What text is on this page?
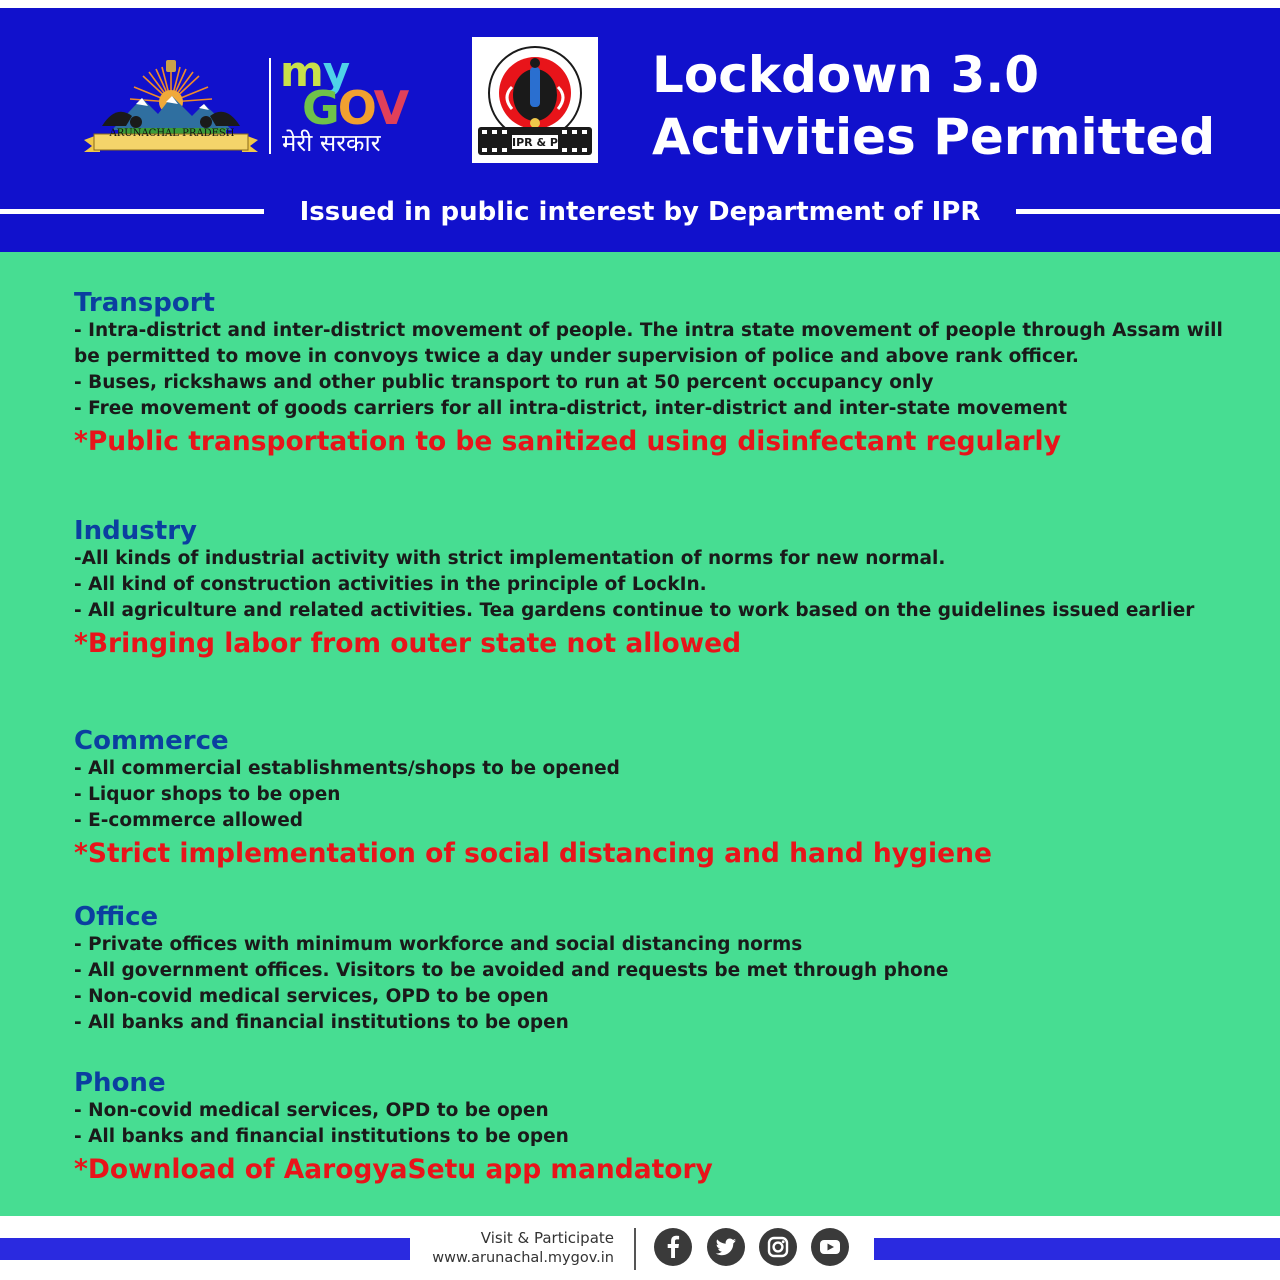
ARUNACHAL PRADESH
my
GOV
मेरी सरकार	IPR & P
Lockdown 3.0
Activities Permitted
Issued in public interest by Department of IPR
Transport
- Intra-district and inter-district movement of people. The intra state movement of people through Assam will be permitted to move in convoys twice a day under supervision of police and above rank officer.
- Buses, rickshaws and other public transport to run at 50 percent occupancy only
- Free movement of goods carriers for all intra-district, inter-district and inter-state movement
*Public transportation to be sanitized using disinfectant regularly
Industry
-All kinds of industrial activity with strict implementation of norms for new normal.
- All kind of construction activities in the principle of LockIn.
- All agriculture and related activities. Tea gardens continue to work based on the guidelines issued earlier
*Bringing labor from outer state not allowed
Commerce
- All commercial establishments/shops to be opened
- Liquor shops to be open
- E-commerce allowed
*Strict implementation of social distancing and hand hygiene
Office
- Private offices with minimum workforce and social distancing norms
- All government offices. Visitors to be avoided and requests be met through phone
- Non-covid medical services, OPD to be open
- All banks and financial institutions to be open
Phone
- Non-covid medical services, OPD to be open
- All banks and financial institutions to be open
*Download of AarogyaSetu app mandatory
Visit & Participate
www.arunachal.mygov.in
